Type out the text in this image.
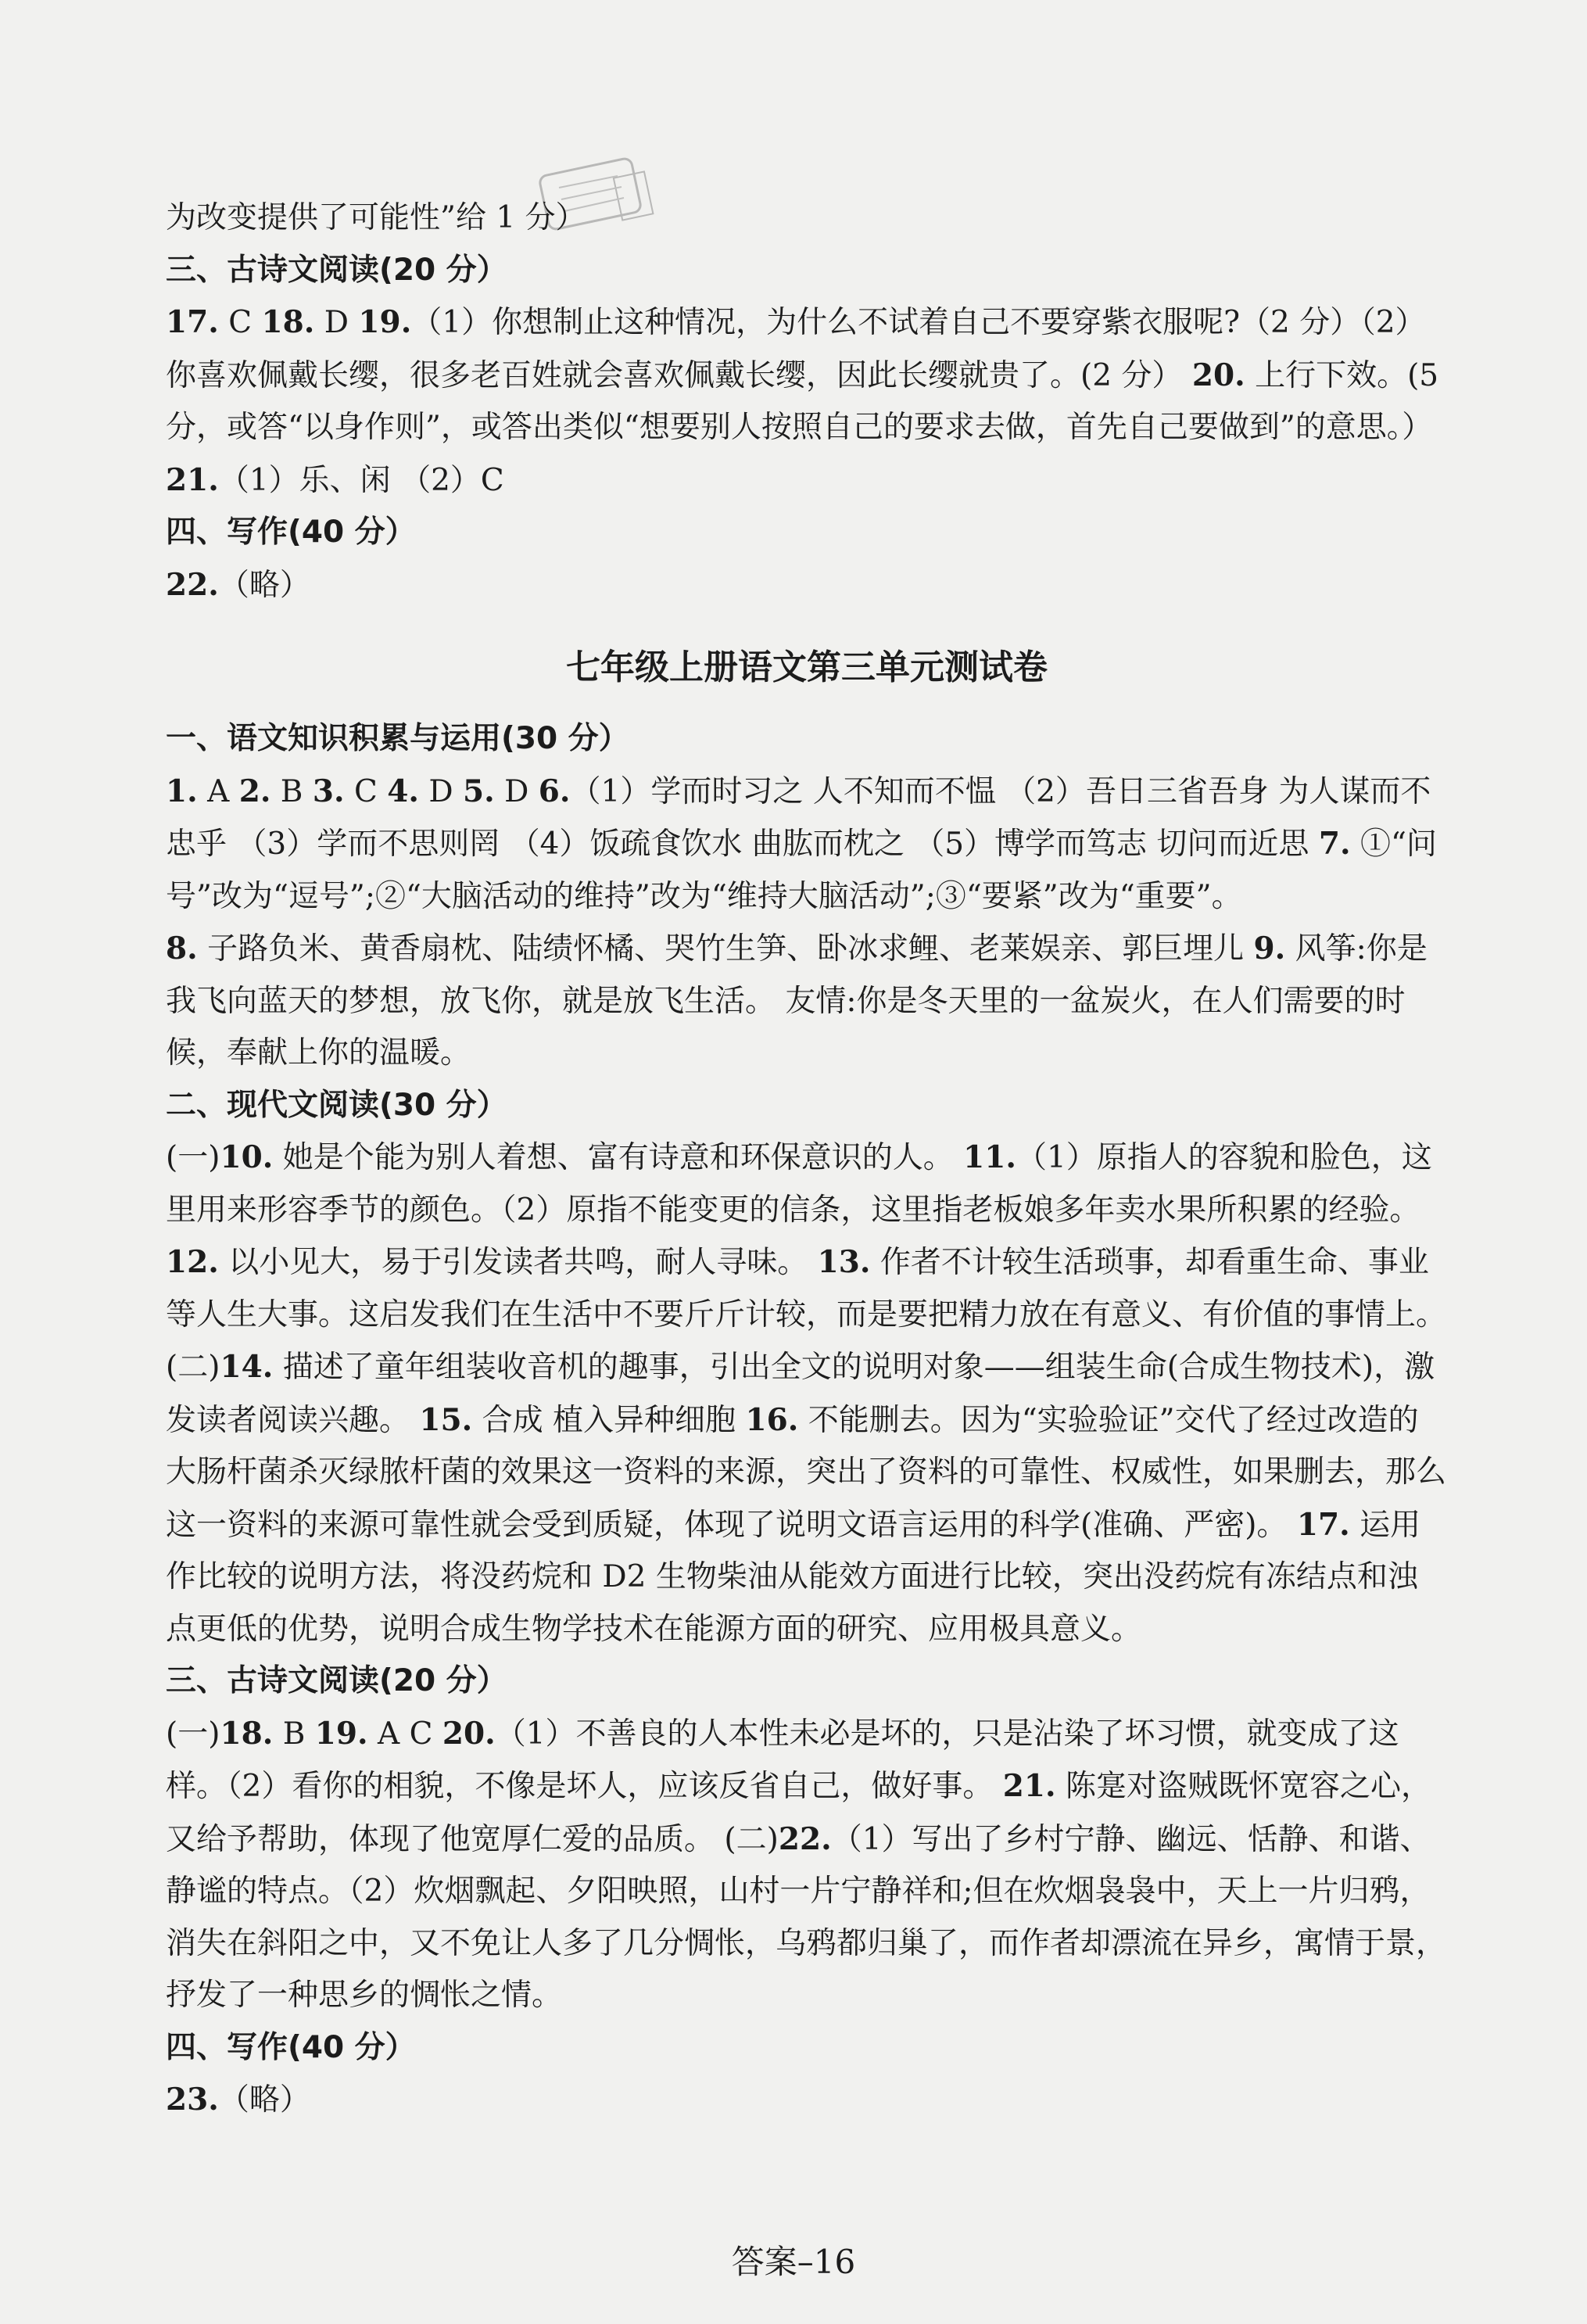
为改变提供了可能性”给 1 分）

三、古诗文阅读(20 分）

17. C 18. D 19.（1）你想制止这种情况，为什么不试着自己不要穿紫衣服呢?（2 分）（2）你喜欢佩戴长缨，很多老百姓就会喜欢佩戴长缨，因此长缨就贵了。(2 分） 20. 上行下效。(5 分，或答“以身作则”，或答出类似“想要别人按照自己的要求去做，首先自己要做到”的意思。）

21.（1）乐、闲 （2）C

四、写作(40 分）

22.（略）

七年级上册语文第三单元测试卷

一、语文知识积累与运用(30 分）

1. A 2. B 3. C 4. D 5. D 6.（1）学而时习之 人不知而不愠 （2）吾日三省吾身 为人谋而不忠乎 （3）学而不思则罔 （4）饭疏食饮水 曲肱而枕之 （5）博学而笃志 切问而近思 7. ①“问号”改为“逗号”;②“大脑活动的维持”改为“维持大脑活动”;③“要紧”改为“重要”。

8. 子路负米、黄香扇枕、陆绩怀橘、哭竹生笋、卧冰求鲤、老莱娱亲、郭巨埋儿 9. 风筝:你是我飞向蓝天的梦想，放飞你，就是放飞生活。 友情:你是冬天里的一盆炭火，在人们需要的时候，奉献上你的温暖。

二、现代文阅读(30 分）

(一)10. 她是个能为别人着想、富有诗意和环保意识的人。 11.（1）原指人的容貌和脸色，这里用来形容季节的颜色。（2）原指不能变更的信条，这里指老板娘多年卖水果所积累的经验。

12. 以小见大，易于引发读者共鸣，耐人寻味。 13. 作者不计较生活琐事，却看重生命、事业等人生大事。这启发我们在生活中不要斤斤计较，而是要把精力放在有意义、有价值的事情上。

(二)14. 描述了童年组装收音机的趣事，引出全文的说明对象——组装生命(合成生物技术)，激发读者阅读兴趣。 15. 合成 植入异种细胞 16. 不能删去。因为“实验验证”交代了经过改造的大肠杆菌杀灭绿脓杆菌的效果这一资料的来源，突出了资料的可靠性、权威性，如果删去，那么这一资料的来源可靠性就会受到质疑，体现了说明文语言运用的科学(准确、严密)。 17. 运用作比较的说明方法，将没药烷和 D2 生物柴油从能效方面进行比较，突出没药烷有冻结点和浊点更低的优势，说明合成生物学技术在能源方面的研究、应用极具意义。

三、古诗文阅读(20 分）

(一)18. B 19. A C 20.（1）不善良的人本性未必是坏的，只是沾染了坏习惯，就变成了这样。（2）看你的相貌，不像是坏人，应该反省自己，做好事。 21. 陈寔对盗贼既怀宽容之心，又给予帮助，体现了他宽厚仁爱的品质。 (二)22.（1）写出了乡村宁静、幽远、恬静、和谐、静谧的特点。（2）炊烟飘起、夕阳映照，山村一片宁静祥和;但在炊烟袅袅中，天上一片归鸦，消失在斜阳之中，又不免让人多了几分惆怅，乌鸦都归巢了，而作者却漂流在异乡，寓情于景，抒发了一种思乡的惆怅之情。

四、写作(40 分）

23.（略）

答案–16
